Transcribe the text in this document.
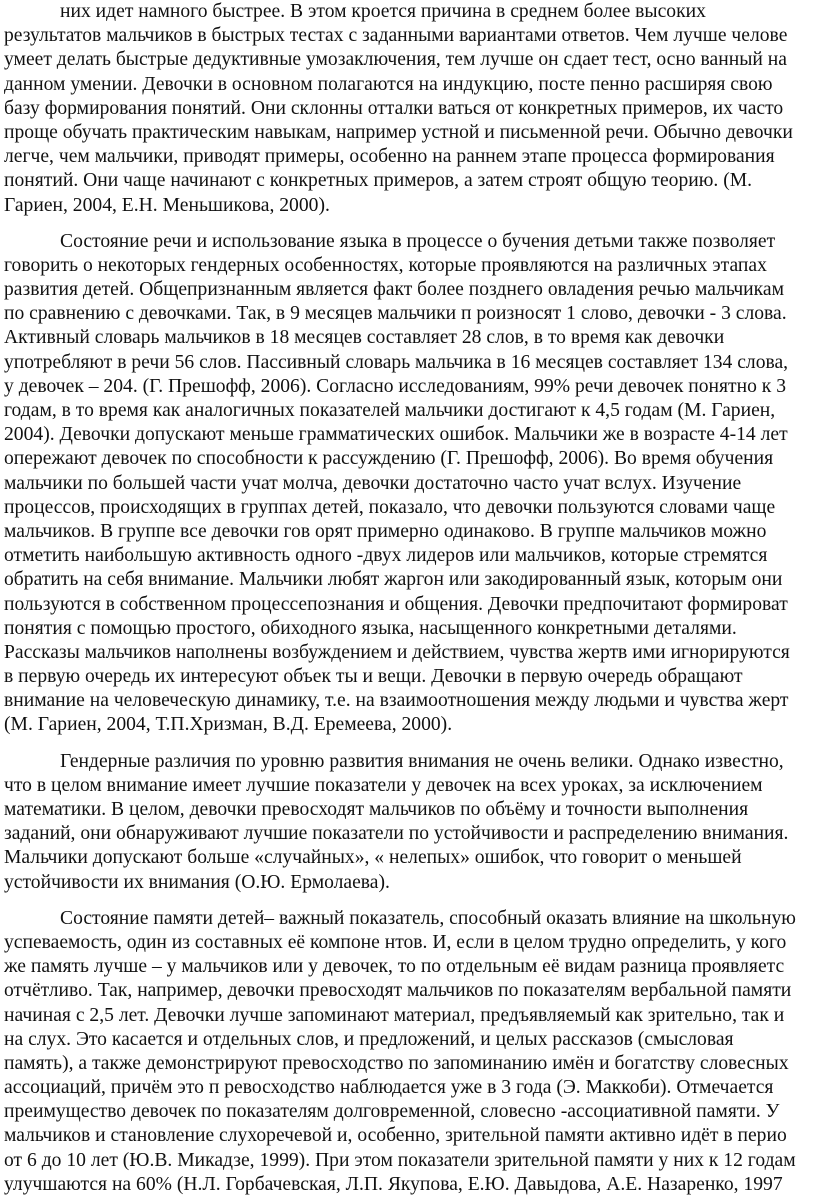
них идет намного быстрее. В этом кроется причина в среднем более высоких
результатов мальчиков в быстрых тестах с заданными вариантами ответов. Чем лучше челове
умеет делать быстрые дедуктивные умозаключения, тем лучше он сдает тест, осно ванный на
данном умении. Девочки в основном полагаются на индукцию, посте пенно расширяя свою
базу формирования понятий. Они склонны отталки ваться от конкретных примеров, их часто
проще обучать практическим навыкам, например устной и письменной речи. Обычно девочки
легче, чем мальчики, приводят примеры, особенно на раннем этапе процесса формирования
понятий. Они чаще начинают с конкретных примеров, а затем строят общую теорию. (М.
Гариен, 2004, Е.Н. Меньшикова, 2000).
Состояние речи и использование языка в процессе о бучения детьми также позволяет
говорить о некоторых гендерных особенностях, которые проявляются на различных этапах
развития детей. Общепризнанным является факт более позднего овладения речью мальчикам
по сравнению с девочками. Так, в 9 месяцев мальчики п роизносят 1 слово, девочки - 3 слова.
Активный словарь мальчиков в 18 месяцев составляет 28 слов, в то время как девочки
употребляют в речи 56 слов. Пассивный словарь мальчика в 16 месяцев составляет 134 слова,
у девочек – 204. (Г. Прешофф, 2006). Согласно исследованиям, 99% речи девочек понятно к 3
годам, в то время как аналогичных показателей мальчики достигают к 4,5 годам (М. Гариен,
2004). Девочки допускают меньше грамматических ошибок. Мальчики же в возрасте 4-14 лет
опережают девочек по способности к рассуждению (Г. Прешофф, 2006). Во время обучения
мальчики по большей части учат молча, девочки достаточно часто учат вслух. Изучение
процессов, происходящих в группах детей, показало, что девочки пользуются словами чаще
мальчиков. В группе все девочки гов орят примерно одинаково. В группе мальчиков можно
отметить наибольшую активность одного -двух лидеров или мальчиков, которые стремятся
обратить на себя внимание. Мальчики любят жаргон или закодированный язык, которым они
пользуются в собственном процессепознания и общения. Девочки предпочитают формироват
понятия с помощью простого, обиходного языка, насыщенного конкретными деталями.
Рассказы мальчиков наполнены возбуждением и действием, чувства жертв ими игнорируются
в первую очередь их интересуют объек ты и вещи. Девочки в первую очередь обращают
внимание на человеческую динамику, т.е. на взаимоотношения между людьми и чувства жерт
(М. Гариен, 2004, Т.П.Хризман, В.Д. Еремеева, 2000).
Гендерные различия по уровню развития внимания не очень велики. Однако известно,
что в целом внимание имеет лучшие показатели у девочек на всех уроках, за исключением
математики. В целом, девочки превосходят мальчиков по объёму и точности выполнения
заданий, они обнаруживают лучшие показатели по устойчивости и распределению внимания.
Мальчики допускают больше «случайных», « нелепых» ошибок, что говорит о меньшей
устойчивости их внимания (О.Ю. Ермолаева).
Состояние памяти детей– важный показатель, способный оказать влияние на школьную
успеваемость, один из составных её компоне нтов. И, если в целом трудно определить, у кого
же память лучше – у мальчиков или у девочек, то по отдельным её видам разница проявляетс
отчётливо. Так, например, девочки превосходят мальчиков по показателям вербальной памяти
начиная с 2,5 лет. Девочки лучше запоминают материал, предъявляемый как зрительно, так и
на слух. Это касается и отдельных слов, и предложений, и целых рассказов (смысловая
память), а также демонстрируют превосходство по запоминанию имён и богатству словесных
ассоциаций, причём это п ревосходство наблюдается уже в 3 года (Э. Маккоби). Отмечается
преимущество девочек по показателям долговременной, словесно -ассоциативной памяти. У
мальчиков и становление слухоречевой и, особенно, зрительной памяти активно идёт в перио
от 6 до 10 лет (Ю.В. Микадзе, 1999). При этом показатели зрительной памяти у них к 12 годам
улучшаются на 60% (Н.Л. Горбачевская, Л.П. Якупова, Е.Ю. Давыдова, А.Е. Назаренко, 1997
